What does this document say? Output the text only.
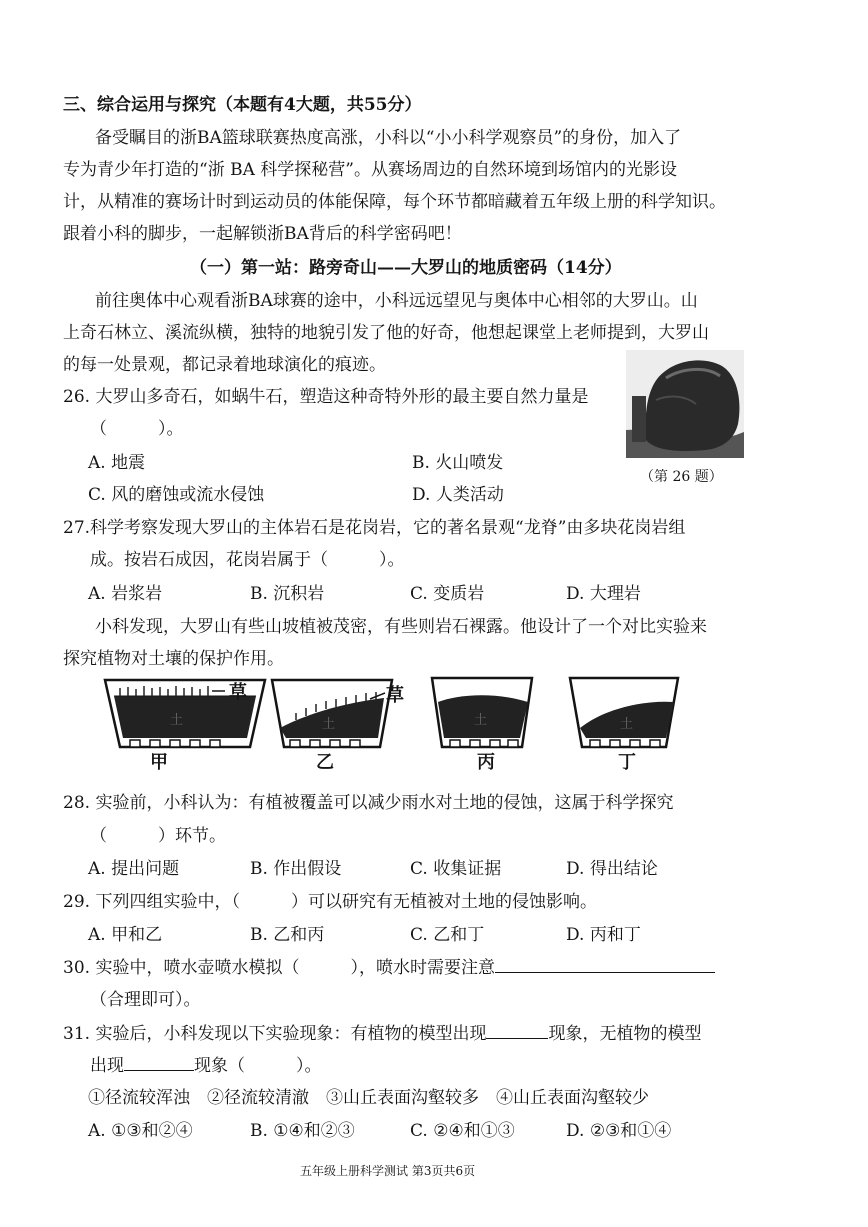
三、综合运用与探究（本题有4大题，共55分）
备受瞩目的浙BA篮球联赛热度高涨，小科以“小小科学观察员”的身份，加入了
专为青少年打造的“浙 BA 科学探秘营”。从赛场周边的自然环境到场馆内的光影设
计，从精准的赛场计时到运动员的体能保障，每个环节都暗藏着五年级上册的科学知识。
跟着小科的脚步，一起解锁浙BA背后的科学密码吧！
（一）第一站：路旁奇山——大罗山的地质密码（14分）
前往奥体中心观看浙BA球赛的途中，小科远远望见与奥体中心相邻的大罗山。山
上奇石林立、溪流纵横，独特的地貌引发了他的好奇，他想起课堂上老师提到，大罗山
的每一处景观，都记录着地球演化的痕迹。
26. 大罗山多奇石，如蜗牛石，塑造这种奇特外形的最主要自然力量是
（　　　）。
A. 地震	B. 火山喷发
C. 风的磨蚀或流水侵蚀	D. 人类活动
（第 26 题）
27.科学考察发现大罗山的主体岩石是花岗岩，它的著名景观“龙脊”由多块花岗岩组
成。按岩石成因，花岗岩属于（　　　）。
A. 岩浆岩	B. 沉积岩	C. 变质岩	D. 大理岩
小科发现，大罗山有些山坡植被茂密，有些则岩石裸露。他设计了一个对比实验来
探究植物对土壤的保护作用。
土	土	土	土
草	草
甲	乙	丙	丁
28. 实验前，小科认为：有植被覆盖可以减少雨水对土地的侵蚀，这属于科学探究
（　　　）环节。
A. 提出问题	B. 作出假设	C. 收集证据	D. 得出结论
29. 下列四组实验中，（　　　）可以研究有无植被对土地的侵蚀影响。
A. 甲和乙	B. 乙和丙	C. 乙和丁	D. 丙和丁
30. 实验中，喷水壶喷水模拟（　　　），喷水时需要注意
（合理即可）。
31. 实验后，小科发现以下实验现象：有植物的模型出现	现象，无植物的模型
出现	现象（　　　）。
①径流较浑浊　②径流较清澈　③山丘表面沟壑较多　④山丘表面沟壑较少
A. ①③和②④	B. ①④和②③	C. ②④和①③	D. ②③和①④
五年级上册科学测试 第3页共6页
